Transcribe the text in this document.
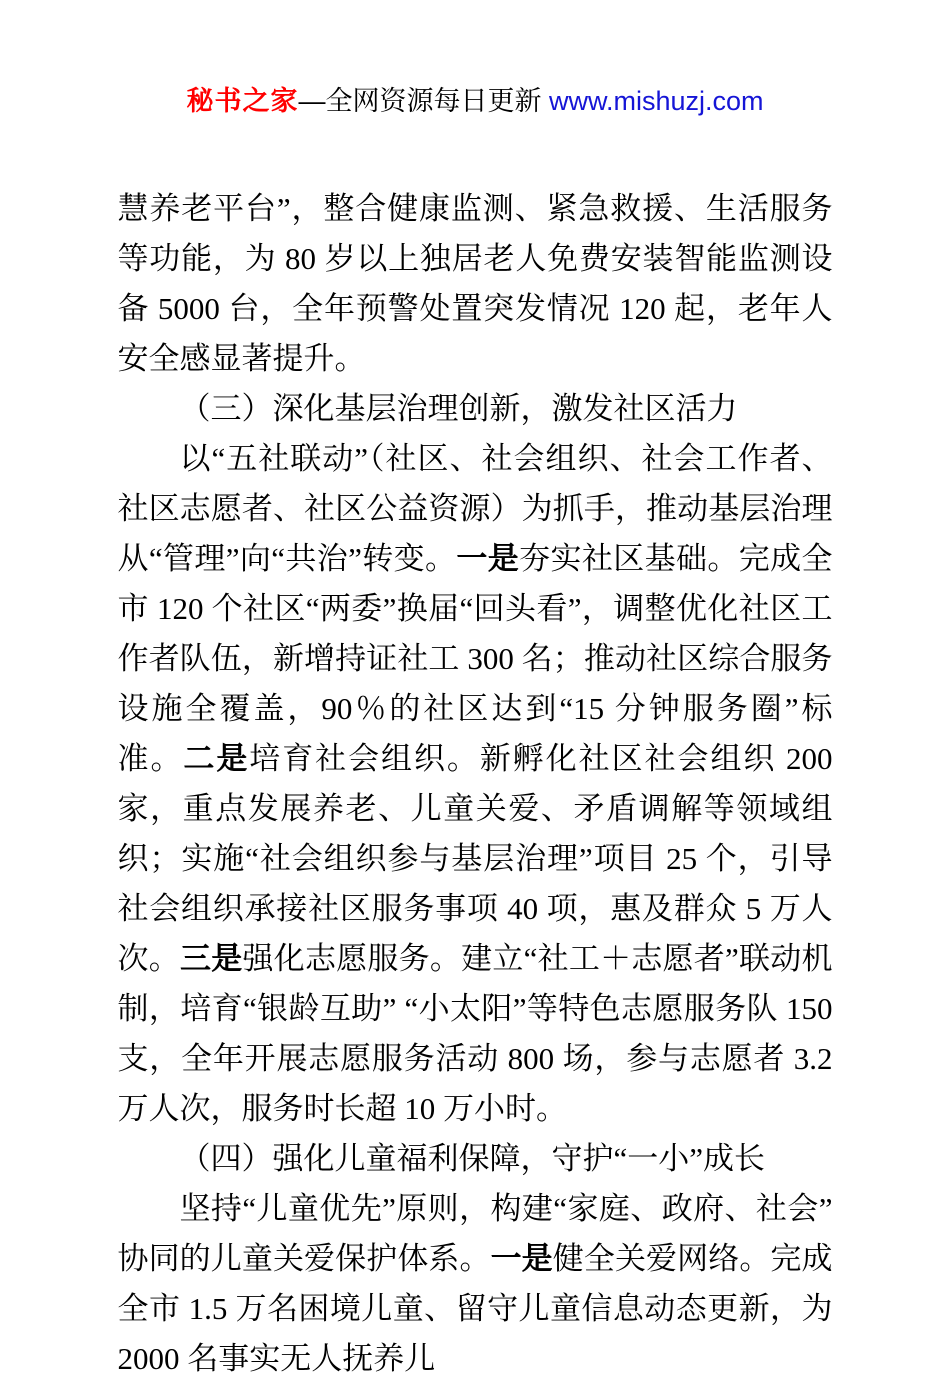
秘书之家—全网资源每日更新 www.mishuzj.com

慧养老平台”，整合健康监测、紧急救援、生活服务等功能，为 80 岁以上独居老人免费安装智能监测设备 5000 台，全年预警处置突发情况 120 起，老年人安全感显著提升。

（三）深化基层治理创新，激发社区活力

以“五社联动”（社区、社会组织、社会工作者、社区志愿者、社区公益资源）为抓手，推动基层治理从“管理”向“共治”转变。一是夯实社区基础。完成全市 120 个社区“两委”换届“回头看”，调整优化社区工作者队伍，新增持证社工 300 名；推动社区综合服务设施全覆盖，90％的社区达到“15 分钟服务圈”标准。二是培育社会组织。新孵化社区社会组织 200 家，重点发展养老、儿童关爱、矛盾调解等领域组织；实施“社会组织参与基层治理”项目 25 个，引导社会组织承接社区服务事项 40 项，惠及群众 5 万人次。三是强化志愿服务。建立“社工＋志愿者”联动机制，培育“银龄互助” “小太阳”等特色志愿服务队 150 支，全年开展志愿服务活动 800 场，参与志愿者 3.2 万人次，服务时长超 10 万小时。

（四）强化儿童福利保障，守护“一小”成长

坚持“儿童优先”原则，构建“家庭、政府、社会”协同的儿童关爱保护体系。一是健全关爱网络。完成全市 1.5 万名困境儿童、留守儿童信息动态更新，为 2000 名事实无人抚养儿
